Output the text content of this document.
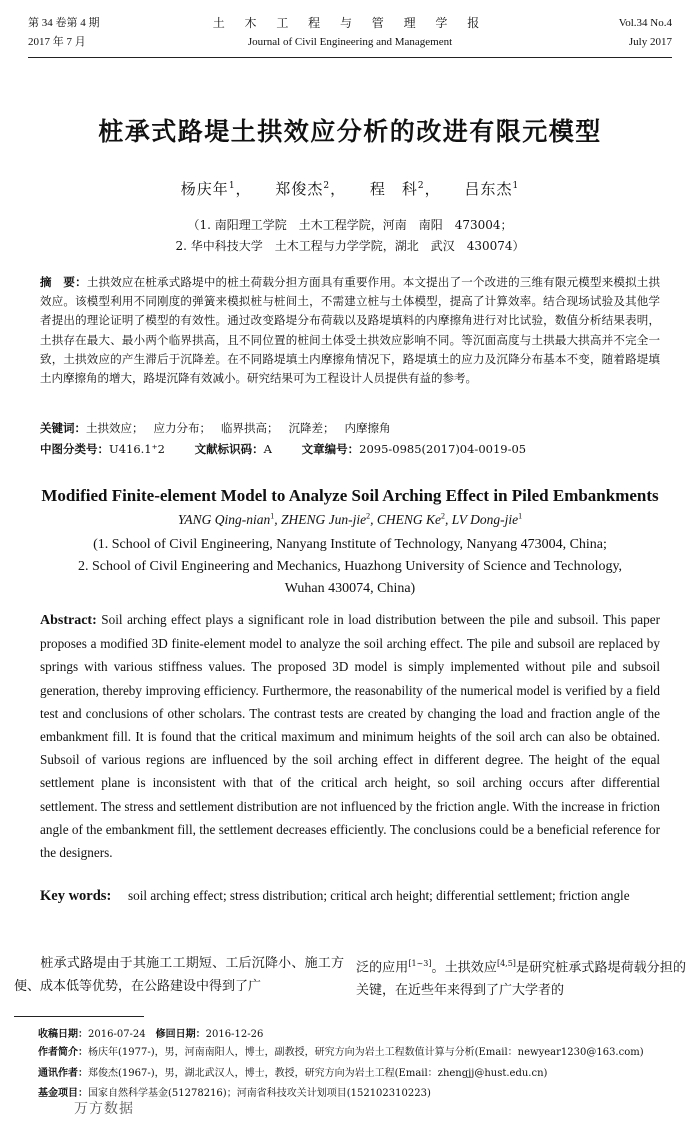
第 34 卷第 4 期
2017 年 7 月
土 木 工 程 与 管 理 学 报
Journal of Civil Engineering and Management
Vol.34 No.4
July 2017
桩承式路堤土拱效应分析的改进有限元模型
杨庆年$^1$， 郑俊杰$^2$， 程　科$^2$， 吕东杰$^1$
（1. 南阳理工学院　土木工程学院，河南　南阳　473004；
2. 华中科技大学　土木工程与力学学院，湖北　武汉　430074）
摘　要：土拱效应在桩承式路堤中的桩土荷载分担方面具有重要作用。本文提出了一个改进的三维有限元模型来模拟土拱效应。该模型利用不同刚度的弹簧来模拟桩与桩间土，不需建立桩与土体模型，提高了计算效率。结合现场试验及其他学者提出的理论证明了模型的有效性。通过改变路堤分布荷载以及路堤填料的内摩擦角进行对比试验，数值分析结果表明，土拱存在最大、最小两个临界拱高，且不同位置的桩间土体受土拱效应影响不同。等沉面高度与土拱最大拱高并不完全一致，土拱效应的产生滞后于沉降差。在不同路堤填土内摩擦角情况下，路堤填土的应力及沉降分布基本不变，随着路堤填土内摩擦角的增大，路堤沉降有效减小。研究结果可为工程设计人员提供有益的参考。
关键词：土拱效应； 应力分布； 临界拱高； 沉降差； 内摩擦角
中图分类号：U416.1⁺2	文献标识码：A	文章编号：2095-0985(2017)04-0019-05
Modified Finite-element Model to Analyze Soil Arching Effect in Piled Embankments
YANG Qing-nian$^1$, ZHENG Jun-jie$^2$, CHENG Ke$^2$, LV Dong-jie$^1$
(1. School of Civil Engineering, Nanyang Institute of Technology, Nanyang 473004, China;
2. School of Civil Engineering and Mechanics, Huazhong University of Science and Technology,
Wuhan 430074, China)
Abstract: Soil arching effect plays a significant role in load distribution between the pile and subsoil. This paper proposes a modified 3D finite-element model to analyze the soil arching effect. The pile and subsoil are replaced by springs with various stiffness values. The proposed 3D model is simply implemented without pile and subsoil generation, thereby improving efficiency. Furthermore, the reasonability of the numerical model is verified by a field test and conclusions of other scholars. The contrast tests are created by changing the load and fraction angle of the embankment fill. It is found that the critical maximum and minimum heights of the soil arch can also be obtained. Subsoil of various regions are influenced by the soil arching effect in different degree. The height of the equal settlement plane is inconsistent with that of the critical arch height, so soil arching occurs after differential settlement. The stress and settlement distribution are not influenced by the friction angle. With the increase in friction angle of the embankment fill, the settlement decreases efficiently. The conclusions could be a beneficial reference for the designers.
Key words: soil arching effect; stress distribution; critical arch height; differential settlement; friction angle
　　桩承式路堤由于其施工工期短、工后沉降小、施工方便、成本低等优势，在公路建设中得到了广
泛的应用[1~3]。土拱效应[4,5]是研究桩承式路堤荷载分担的关键，在近些年来得到了广大学者的
收稿日期：2016-07-24　修回日期：2016-12-26
作者简介：杨庆年(1977-)，男，河南南阳人，博士，副教授，研究方向为岩土工程数值计算与分析(Email：newyear1230@163.com)
通讯作者：郑俊杰(1967-)，男，湖北武汉人，博士，教授，研究方向为岩土工程(Email：zhengjj@hust.edu.cn)
基金项目：国家自然科学基金(51278216)；河南省科技攻关计划项目(152102310223)
万方数据
